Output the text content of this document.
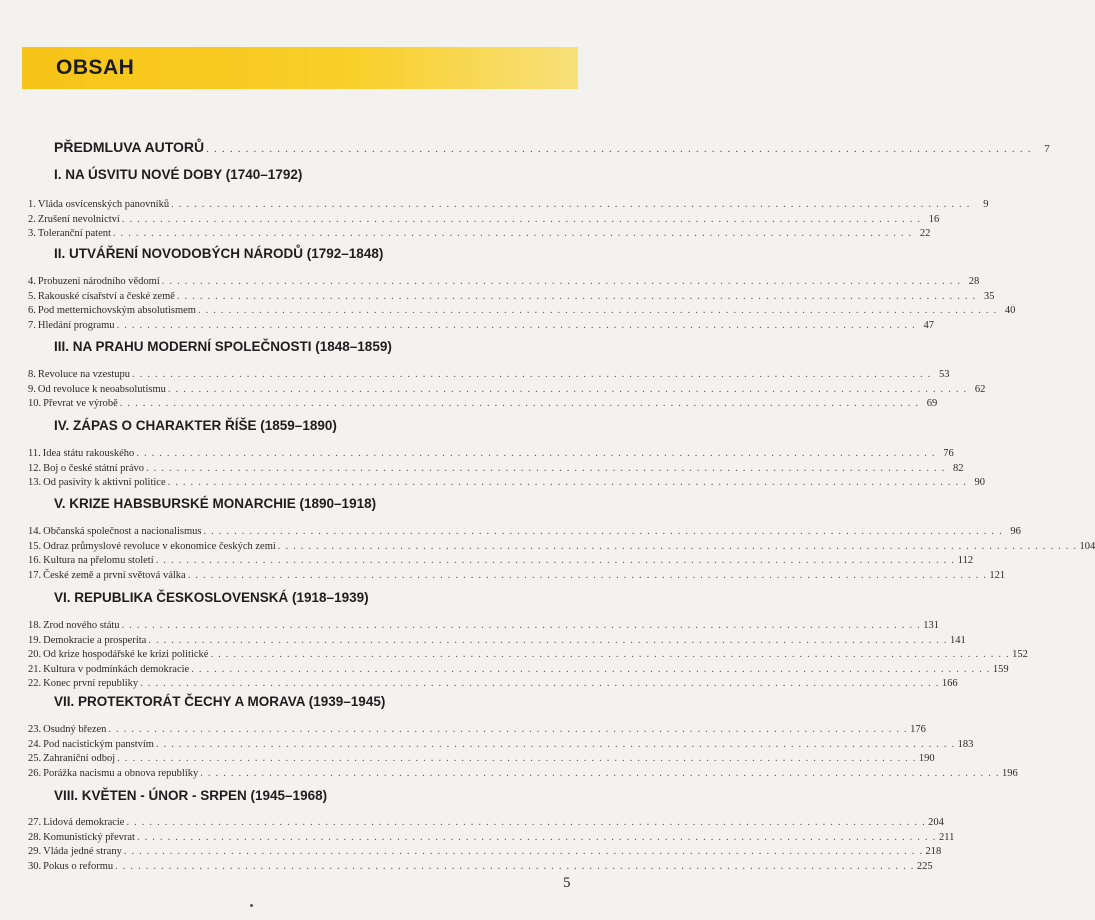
OBSAH
PŘEDMLUVA AUTORŮ . . . . . . . . . . . . . . . . . . . . . . . . . . . . . . . . . . . . . . . . . . . . . . . . . . . . . . . . . . . . . . . . . . . . . . . . . . . . . . . . . . . . . . . . . . . . . . . . . . . . . . . . .	7
I. NA ÚSVITU NOVÉ DOBY (1740–1792)
1. Vláda osvícenských panovníků . . . . . . . . . . . . . . . . . . . . . . . . . . . . . . . . . . . . . . . . . . . . . . . . . . . . . . . . . . . . . . . . . . . . . . . . . . . . . . . . . . . . . . . . . . . . . . . . . . . . . . . . .	9
2. Zrušení nevolnictví . . . . . . . . . . . . . . . . . . . . . . . . . . . . . . . . . . . . . . . . . . . . . . . . . . . . . . . . . . . . . . . . . . . . . . . . . . . . . . . . . . . . . . . . . . . . . . . . . . . . . . . . . 16
3. Toleranční patent . . . . . . . . . . . . . . . . . . . . . . . . . . . . . . . . . . . . . . . . . . . . . . . . . . . . . . . . . . . . . . . . . . . . . . . . . . . . . . . . . . . . . . . . . . . . . . . . . . . . . . . . . 22
II. UTVÁŘENÍ NOVODOBÝCH NÁRODŮ (1792–1848)
4. Probuzení národního vědomí . . . . . . . . . . . . . . . . . . . . . . . . . . . . . . . . . . . . . . . . . . . . . . . . . . . . . . . . . . . . . . . . . . . . . . . . . . . . . . . . . . . . . . . . . . . . . . . . . . . . . . . . . 28
5. Rakouské císařství a české země . . . . . . . . . . . . . . . . . . . . . . . . . . . . . . . . . . . . . . . . . . . . . . . . . . . . . . . . . . . . . . . . . . . . . . . . . . . . . . . . . . . . . . . . . . . . . . . . . . . . . . . . . 35
6. Pod metternichovským absolutismem . . . . . . . . . . . . . . . . . . . . . . . . . . . . . . . . . . . . . . . . . . . . . . . . . . . . . . . . . . . . . . . . . . . . . . . . . . . . . . . . . . . . . . . . . . . . . . . . . . . . . . . . . 40
7. Hledání programu . . . . . . . . . . . . . . . . . . . . . . . . . . . . . . . . . . . . . . . . . . . . . . . . . . . . . . . . . . . . . . . . . . . . . . . . . . . . . . . . . . . . . . . . . . . . . . . . . . . . . . . . . 47
III. NA PRAHU MODERNÍ SPOLEČNOSTI (1848–1859)
8. Revoluce na vzestupu . . . . . . . . . . . . . . . . . . . . . . . . . . . . . . . . . . . . . . . . . . . . . . . . . . . . . . . . . . . . . . . . . . . . . . . . . . . . . . . . . . . . . . . . . . . . . . . . . . . . . . . . . 53
9. Od revoluce k neoabsolutismu . . . . . . . . . . . . . . . . . . . . . . . . . . . . . . . . . . . . . . . . . . . . . . . . . . . . . . . . . . . . . . . . . . . . . . . . . . . . . . . . . . . . . . . . . . . . . . . . . . . . . . . . . 62
10. Převrat ve výrobě . . . . . . . . . . . . . . . . . . . . . . . . . . . . . . . . . . . . . . . . . . . . . . . . . . . . . . . . . . . . . . . . . . . . . . . . . . . . . . . . . . . . . . . . . . . . . . . . . . . . . . . . . 69
IV. ZÁPAS O CHARAKTER ŘÍŠE (1859–1890)
11. Idea státu rakouského . . . . . . . . . . . . . . . . . . . . . . . . . . . . . . . . . . . . . . . . . . . . . . . . . . . . . . . . . . . . . . . . . . . . . . . . . . . . . . . . . . . . . . . . . . . . . . . . . . . . . . . . . 76
12. Boj o české státní právo . . . . . . . . . . . . . . . . . . . . . . . . . . . . . . . . . . . . . . . . . . . . . . . . . . . . . . . . . . . . . . . . . . . . . . . . . . . . . . . . . . . . . . . . . . . . . . . . . . . . . . . . . 82
13. Od pasivity k aktivní politice . . . . . . . . . . . . . . . . . . . . . . . . . . . . . . . . . . . . . . . . . . . . . . . . . . . . . . . . . . . . . . . . . . . . . . . . . . . . . . . . . . . . . . . . . . . . . . . . . . . . . . . . . 90
V. KRIZE HABSBURSKÉ MONARCHIE (1890–1918)
14. Občanská společnost a nacionalismus . . . . . . . . . . . . . . . . . . . . . . . . . . . . . . . . . . . . . . . . . . . . . . . . . . . . . . . . . . . . . . . . . . . . . . . . . . . . . . . . . . . . . . . . . . . . . . . . . . . . . . . . . 96
15. Odraz průmyslové revoluce v ekonomice českých zemí . . . . . . . . . . . . . . . . . . . . . . . . . . . . . . . . . . . . . . . . . . . . . . . . . . . . . . . . . . . . . . . . . . . . . . . . . . . . . . . . . . . . . . . . . . . . . . . . . . . . . . . . . 104
16. Kultura na přelomu století . . . . . . . . . . . . . . . . . . . . . . . . . . . . . . . . . . . . . . . . . . . . . . . . . . . . . . . . . . . . . . . . . . . . . . . . . . . . . . . . . . . . . . . . . . . . . . . . . . . . . . . . . 112
17. České země a první světová válka . . . . . . . . . . . . . . . . . . . . . . . . . . . . . . . . . . . . . . . . . . . . . . . . . . . . . . . . . . . . . . . . . . . . . . . . . . . . . . . . . . . . . . . . . . . . . . . . . . . . . . . . . 121
VI. REPUBLIKA ČESKOSLOVENSKÁ (1918–1939)
18. Zrod nového státu . . . . . . . . . . . . . . . . . . . . . . . . . . . . . . . . . . . . . . . . . . . . . . . . . . . . . . . . . . . . . . . . . . . . . . . . . . . . . . . . . . . . . . . . . . . . . . . . . . . . . . . . . 131
19. Demokracie a prosperita . . . . . . . . . . . . . . . . . . . . . . . . . . . . . . . . . . . . . . . . . . . . . . . . . . . . . . . . . . . . . . . . . . . . . . . . . . . . . . . . . . . . . . . . . . . . . . . . . . . . . . . . . 141
20. Od krize hospodářské ke krizi politické . . . . . . . . . . . . . . . . . . . . . . . . . . . . . . . . . . . . . . . . . . . . . . . . . . . . . . . . . . . . . . . . . . . . . . . . . . . . . . . . . . . . . . . . . . . . . . . . . . . . . . . . . 152
21. Kultura v podmínkách demokracie . . . . . . . . . . . . . . . . . . . . . . . . . . . . . . . . . . . . . . . . . . . . . . . . . . . . . . . . . . . . . . . . . . . . . . . . . . . . . . . . . . . . . . . . . . . . . . . . . . . . . . . . . 159
22. Konec první republiky . . . . . . . . . . . . . . . . . . . . . . . . . . . . . . . . . . . . . . . . . . . . . . . . . . . . . . . . . . . . . . . . . . . . . . . . . . . . . . . . . . . . . . . . . . . . . . . . . . . . . . . . . 166
VII. PROTEKTORÁT ČECHY A MORAVA (1939–1945)
23. Osudný březen . . . . . . . . . . . . . . . . . . . . . . . . . . . . . . . . . . . . . . . . . . . . . . . . . . . . . . . . . . . . . . . . . . . . . . . . . . . . . . . . . . . . . . . . . . . . . . . . . . . . . . . . . 176
24. Pod nacistickým panstvím . . . . . . . . . . . . . . . . . . . . . . . . . . . . . . . . . . . . . . . . . . . . . . . . . . . . . . . . . . . . . . . . . . . . . . . . . . . . . . . . . . . . . . . . . . . . . . . . . . . . . . . . . 183
25. Zahraniční odboj . . . . . . . . . . . . . . . . . . . . . . . . . . . . . . . . . . . . . . . . . . . . . . . . . . . . . . . . . . . . . . . . . . . . . . . . . . . . . . . . . . . . . . . . . . . . . . . . . . . . . . . . . 190
26. Porážka nacismu a obnova republiky . . . . . . . . . . . . . . . . . . . . . . . . . . . . . . . . . . . . . . . . . . . . . . . . . . . . . . . . . . . . . . . . . . . . . . . . . . . . . . . . . . . . . . . . . . . . . . . . . . . . . . . . . 196
VIII. KVĚTEN - ÚNOR - SRPEN (1945–1968)
27. Lidová demokracie . . . . . . . . . . . . . . . . . . . . . . . . . . . . . . . . . . . . . . . . . . . . . . . . . . . . . . . . . . . . . . . . . . . . . . . . . . . . . . . . . . . . . . . . . . . . . . . . . . . . . . . . . 204
28. Komunistický převrat . . . . . . . . . . . . . . . . . . . . . . . . . . . . . . . . . . . . . . . . . . . . . . . . . . . . . . . . . . . . . . . . . . . . . . . . . . . . . . . . . . . . . . . . . . . . . . . . . . . . . . . . . 211
29. Vláda jedné strany . . . . . . . . . . . . . . . . . . . . . . . . . . . . . . . . . . . . . . . . . . . . . . . . . . . . . . . . . . . . . . . . . . . . . . . . . . . . . . . . . . . . . . . . . . . . . . . . . . . . . . . . . 218
30. Pokus o reformu . . . . . . . . . . . . . . . . . . . . . . . . . . . . . . . . . . . . . . . . . . . . . . . . . . . . . . . . . . . . . . . . . . . . . . . . . . . . . . . . . . . . . . . . . . . . . . . . . . . . . . . . . 225
5
